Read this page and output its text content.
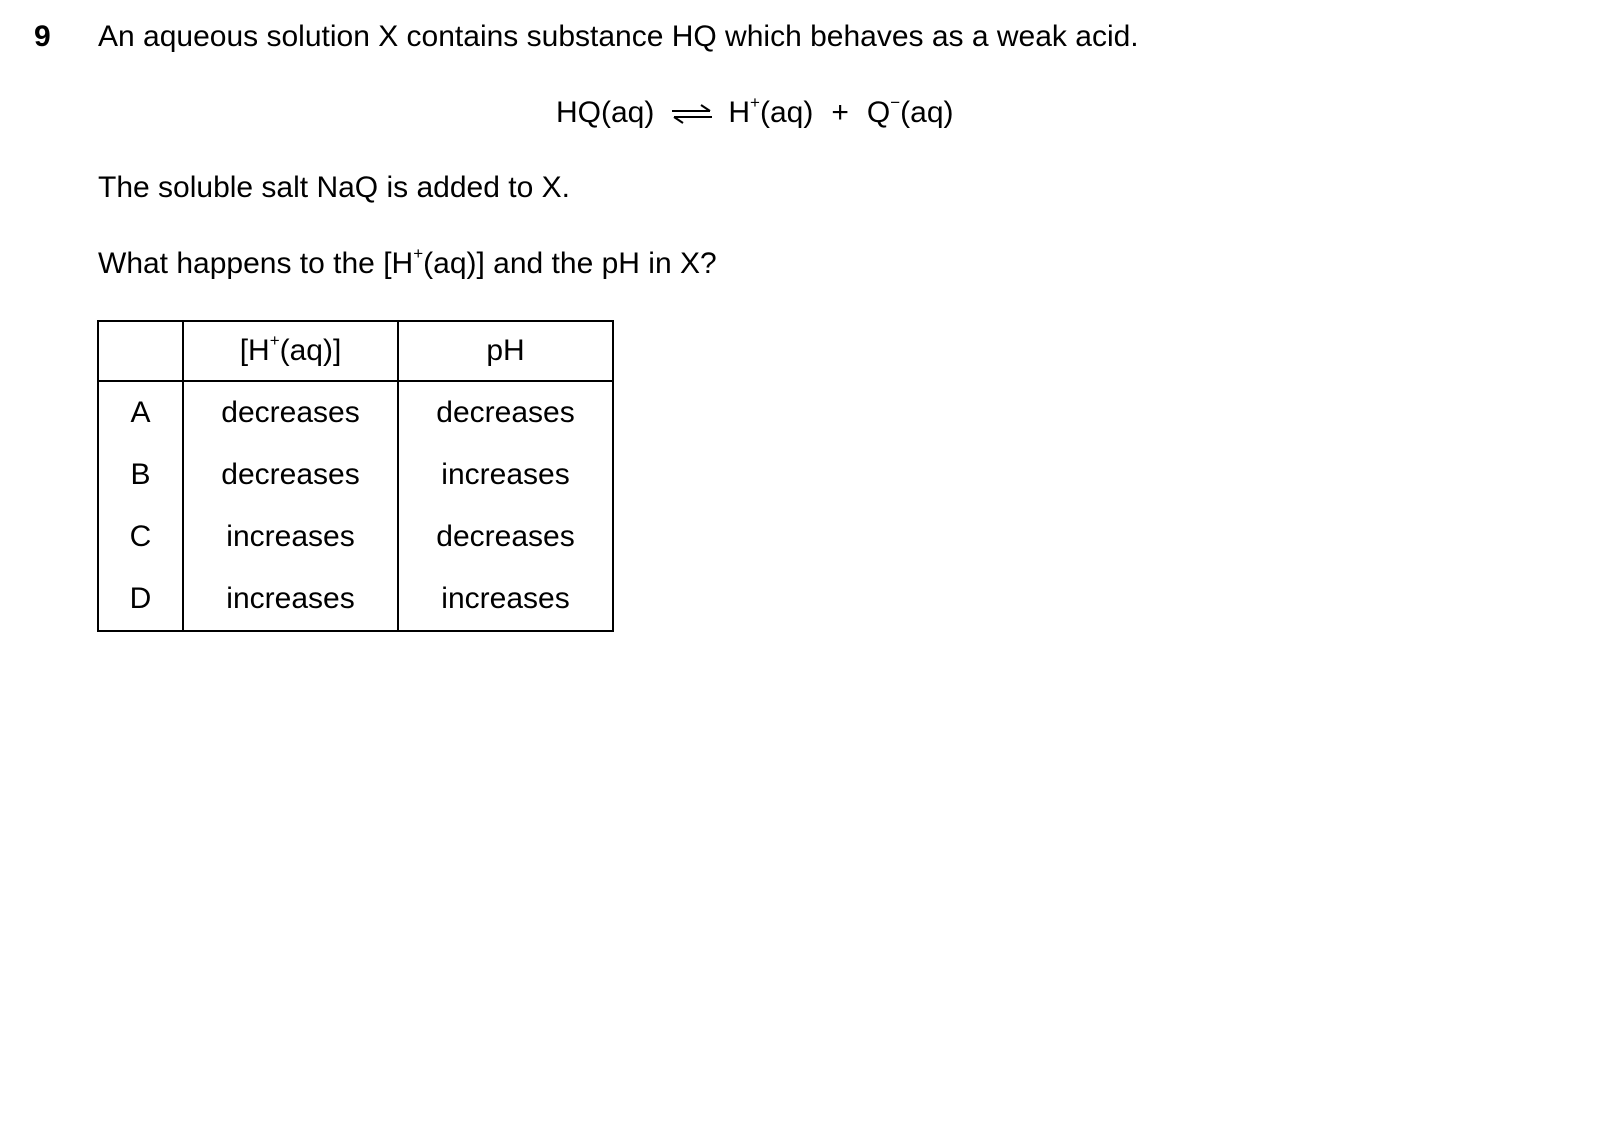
9 An aqueous solution X contains substance HQ which behaves as a weak acid.
HQ(aq) ⇌ H+(aq) + Q−(aq)
The soluble salt NaQ is added to X.
What happens to the [H+(aq)] and the pH in X?
	[H+(aq)]	pH
A	decreases	decreases
B	decreases	increases
C	increases	decreases
D	increases	increases
